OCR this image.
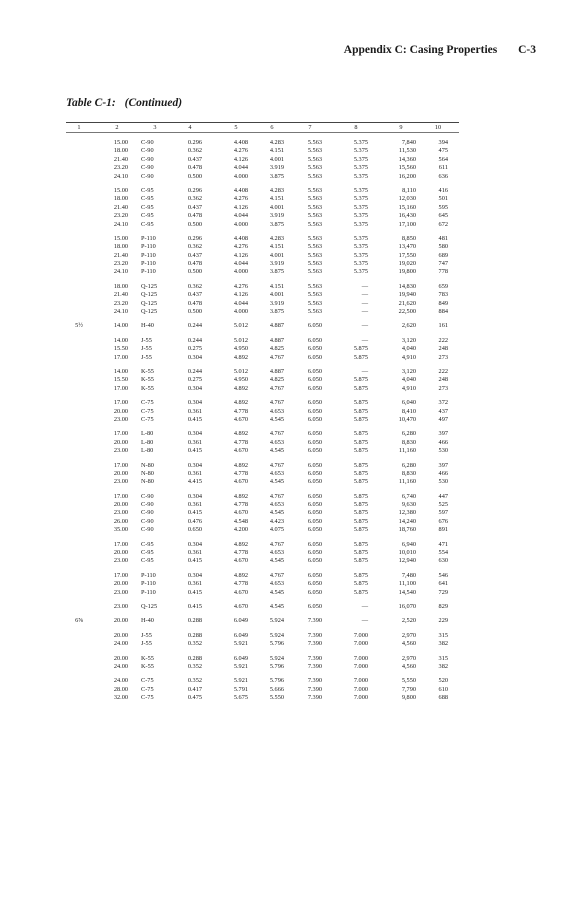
Appendix C: Casing Properties C-3
Table C-1: (Continued)
1	2	3	4	5	6	7	8	9	10
15.00 C-90	0.296	4.408	4.283	5.563	5.375	7,840	394
18.00 C-90	0.362	4.276	4.151	5.563	5.375	11,530	475
21.40 C-90	0.437	4.126	4.001	5.563	5.375	14,360	564
23.20 C-90	0.478	4.044	3.919	5.563	5.375	15,560	611
24.10 C-90	0.500	4.000	3.875	5.563	5.375	16,200	636
15.00 C-95	0.296	4.408	4.283	5.563	5.375	8,110	416
18.00 C-95	0.362	4.276	4.151	5.563	5.375	12,030	501
21.40 C-95	0.437	4.126	4.001	5.563	5.375	15,160	595
23.20 C-95	0.478	4.044	3.919	5.563	5.375	16,430	645
24.10 C-95	0.500	4.000	3.875	5.563	5.375	17,100	672
15.00 P-110	0.296	4.408	4.283	5.563	5.375	8,850	481
18.00 P-110	0.362	4.276	4.151	5.563	5.375	13,470	580
21.40 P-110	0.437	4.126	4.001	5.563	5.375	17,550	689
23.20 P-110	0.478	4.044	3.919	5.563	5.375	19,020	747
24.10 P-110	0.500	4.000	3.875	5.563	5.375	19,800	778
18.00 Q-125	0.362	4.276	4.151	5.563	—	14,830	659
21.40 Q-125	0.437	4.126	4.001	5.563	—	19,940	783
23.20 Q-125	0.478	4.044	3.919	5.563	—	21,620	849
24.10 Q-125	0.500	4.000	3.875	5.563	—	22,500	884
5½	14.00 H-40	0.244	5.012	4.887	6.050	—	2,620	161
14.00 J-55	0.244	5.012	4.887	6.050	—	3,120	222
15.50 J-55	0.275	4.950	4.825	6.050	5.875	4,040	248
17.00 J-55	0.304	4.892	4.767	6.050	5.875	4,910	273
14.00 K-55	0.244	5.012	4.887	6.050	—	3,120	222
15.50 K-55	0.275	4.950	4.825	6.050	5.875	4,040	248
17.00 K-55	0.304	4.892	4.767	6.050	5.875	4,910	273
17.00 C-75	0.304	4.892	4.767	6.050	5.875	6,040	372
20.00 C-75	0.361	4.778	4.653	6.050	5.875	8,410	437
23.00 C-75	0.415	4.670	4.545	6.050	5.875	10,470	497
17.00 L-80	0.304	4.892	4.767	6.050	5.875	6,280	397
20.00 L-80	0.361	4.778	4.653	6.050	5.875	8,830	466
23.00 L-80	0.415	4.670	4.545	6.050	5.875	11,160	530
17.00 N-80	0.304	4.892	4.767	6.050	5.875	6,280	397
20.00 N-80	0.361	4.778	4.653	6.050	5.875	8,830	466
23.00 N-80	4.415	4.670	4.545	6.050	5.875	11,160	530
17.00 C-90	0.304	4.892	4.767	6.050	5.875	6,740	447
20.00 C-90	0.361	4.778	4.653	6.050	5.875	9,630	525
23.00 C-90	0.415	4.670	4.545	6.050	5.875	12,380	597
26.00 C-90	0.476	4.548	4.423	6.050	5.875	14,240	676
35.00 C-90	0.650	4.200	4.075	6.050	5.875	18,760	891
17.00 C-95	0.304	4.892	4.767	6.050	5.875	6,940	471
20.00 C-95	0.361	4.778	4.653	6.050	5.875	10,010	554
23.00 C-95	0.415	4.670	4.545	6.050	5.875	12,940	630
17.00 P-110	0.304	4.892	4.767	6.050	5.875	7,480	546
20.00 P-110	0.361	4.778	4.653	6.050	5.875	11,100	641
23.00 P-110	0.415	4.670	4.545	6.050	5.875	14,540	729
23.00 Q-125	0.415	4.670	4.545	6.050	—	16,070	829
6⅝	20.00 H-40	0.288	6.049	5.924	7.390	—	2,520	229
20.00 J-55	0.288	6.049	5.924	7.390	7.000	2,970	315
24.00 J-55	0.352	5.921	5.796	7.390	7.000	4,560	382
20.00 K-55	0.288	6.049	5.924	7.390	7.000	2,970	315
24.00 K-55	0.352	5.921	5.796	7.390	7.000	4,560	382
24.00 C-75	0.352	5.921	5.796	7.390	7.000	5,550	520
28.00 C-75	0.417	5.791	5.666	7.390	7.000	7,790	610
32.00 C-75	0.475	5.675	5.550	7.390	7.000	9,800	688
